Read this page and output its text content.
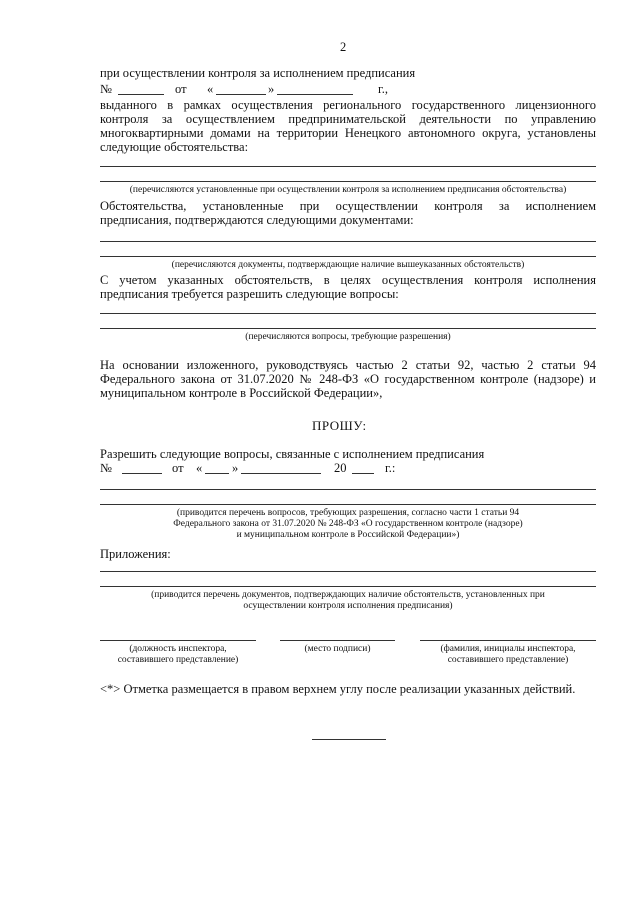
2
при осуществлении контроля за исполнением предписания
№	от «	»	г.,
выданного в рамках осуществления регионального государственного лицензионного
контроля за осуществлением предпринимательской деятельности по управлению
многоквартирными домами на территории Ненецкого автономного округа, установлены
следующие обстоятельства:
(перечисляются установленные при осуществлении контроля за исполнением предписания обстоятельства)
Обстоятельства, установленные при осуществлении контроля за исполнением
предписания, подтверждаются следующими документами:
(перечисляются документы, подтверждающие наличие вышеуказанных обстоятельств)
С учетом указанных обстоятельств, в целях осуществления контроля исполнения
предписания требуется разрешить следующие вопросы:
(перечисляются вопросы, требующие разрешения)
На основании изложенного, руководствуясь частью 2 статьи 92, частью 2 статьи 94
Федерального закона от 31.07.2020 № 248-ФЗ «О государственном контроле (надзоре) и
муниципальном контроле в Российской Федерации»,
ПРОШУ:
Разрешить следующие вопросы, связанные с исполнением предписания
№	от « »	20	г.:
(приводится перечень вопросов, требующих разрешения, согласно части 1 статьи 94
Федерального закона от 31.07.2020 № 248-ФЗ «О государственном контроле (надзоре)
и муниципальном контроле в Российской Федерации»)
Приложения:
(приводится перечень документов, подтверждающих наличие обстоятельств, установленных при
осуществлении контроля исполнения предписания)
(должность инспектора,
составившего представление)
(место подписи)	(фамилия, инициалы инспектора,
составившего представление)
<*> Отметка размещается в правом верхнем углу после реализации указанных действий.
